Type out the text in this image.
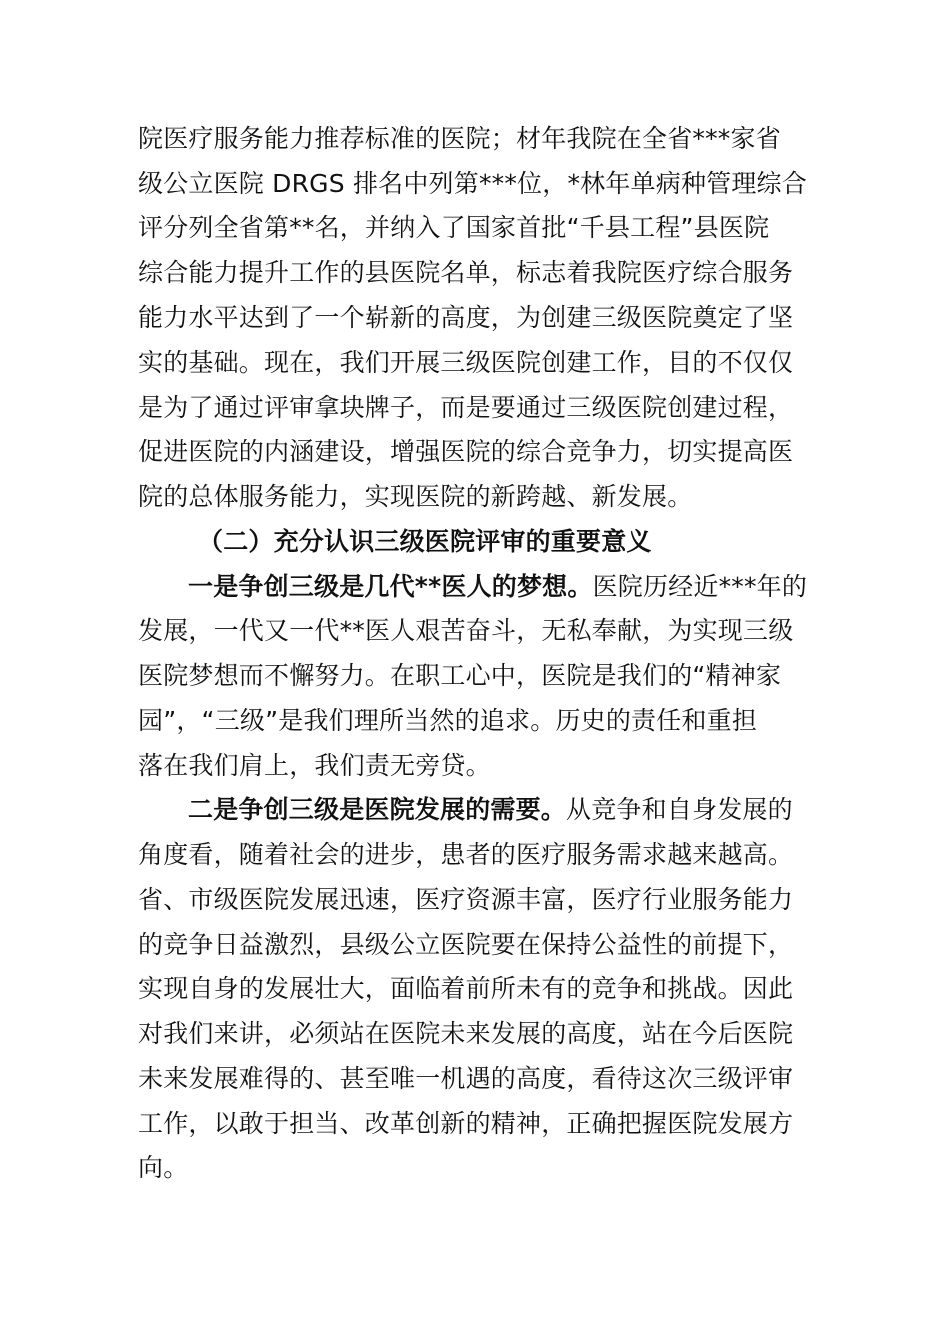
院医疗服务能力推荐标准的医院；材年我院在全省***家省
级公立医院 DRGS 排名中列第***位，*林年单病种管理综合
评分列全省第**名，并纳入了国家首批“千县工程”县医院
综合能力提升工作的县医院名单，标志着我院医疗综合服务
能力水平达到了一个崭新的高度，为创建三级医院奠定了坚
实的基础。现在，我们开展三级医院创建工作，目的不仅仅
是为了通过评审拿块牌子，而是要通过三级医院创建过程，
促进医院的内涵建设，增强医院的综合竞争力，切实提高医
院的总体服务能力，实现医院的新跨越、新发展。
（二）充分认识三级医院评审的重要意义
一是争创三级是几代**医人的梦想。医院历经近***年的
发展，一代又一代**医人艰苦奋斗，无私奉献，为实现三级
医院梦想而不懈努力。在职工心中，医院是我们的“精神家
园”，“三级”是我们理所当然的追求。历史的责任和重担
落在我们肩上，我们责无旁贷。
二是争创三级是医院发展的需要。从竞争和自身发展的
角度看，随着社会的进步，患者的医疗服务需求越来越高。
省、市级医院发展迅速，医疗资源丰富，医疗行业服务能力
的竞争日益激烈，县级公立医院要在保持公益性的前提下，
实现自身的发展壮大，面临着前所未有的竞争和挑战。因此
对我们来讲，必须站在医院未来发展的高度，站在今后医院
未来发展难得的、甚至唯一机遇的高度，看待这次三级评审
工作，以敢于担当、改革创新的精神，正确把握医院发展方
向。
